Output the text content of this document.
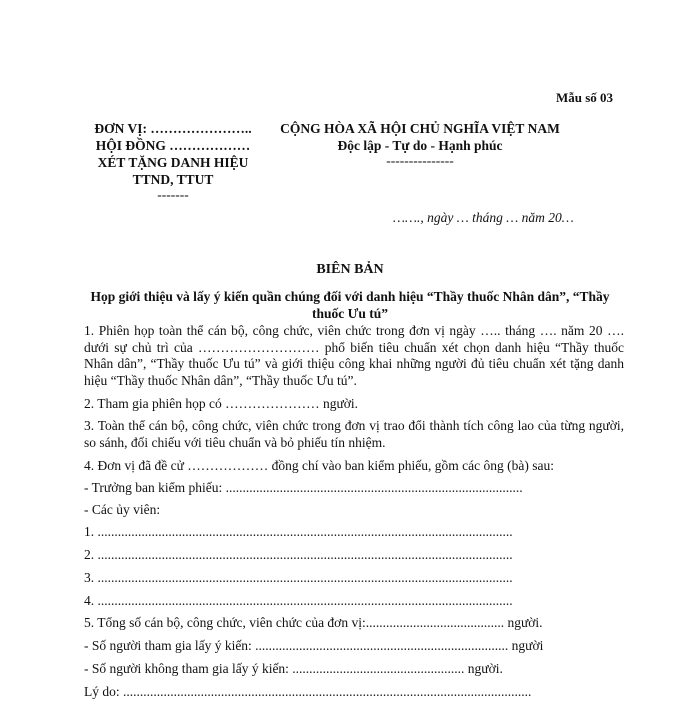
Mẫu số 03
ĐƠN VỊ: …………………..
HỘI ĐỒNG ………………
XÉT TẶNG DANH HIỆU
TTND, TTUT
-------
CỘNG HÒA XÃ HỘI CHỦ NGHĨA VIỆT NAM
Độc lập - Tự do - Hạnh phúc
---------------
……., ngày … tháng … năm 20…
BIÊN BẢN
Họp giới thiệu và lấy ý kiến quần chúng đối với danh hiệu “Thầy thuốc Nhân dân”, “Thầy thuốc Ưu tú”
1. Phiên họp toàn thể cán bộ, công chức, viên chức trong đơn vị ngày ….. tháng …. năm 20 …. dưới sự chủ trì của ……………………… phổ biến tiêu chuẩn xét chọn danh hiệu “Thầy thuốc Nhân dân”, “Thầy thuốc Ưu tú” và giới thiệu công khai những người đủ tiêu chuẩn xét tặng danh hiệu “Thầy thuốc Nhân dân”, “Thầy thuốc Ưu tú”.
2. Tham gia phiên họp có ………………… người.
3. Toàn thể cán bộ, công chức, viên chức trong đơn vị trao đổi thành tích công lao của từng người, so sánh, đối chiếu với tiêu chuẩn và bỏ phiếu tín nhiệm.
4. Đơn vị đã đề cử ……………… đồng chí vào ban kiểm phiếu, gồm các ông (bà) sau:
- Trưởng ban kiểm phiếu: ........................................................................................
- Các ủy viên:
1. ...........................................................................................................................
2. ...........................................................................................................................
3. ...........................................................................................................................
4. ...........................................................................................................................
5. Tổng số cán bộ, công chức, viên chức của đơn vị:......................................... người.
- Số người tham gia lấy ý kiến: ........................................................................... người
- Số người không tham gia lấy ý kiến: ................................................... người.
Lý do: .........................................................................................................................
